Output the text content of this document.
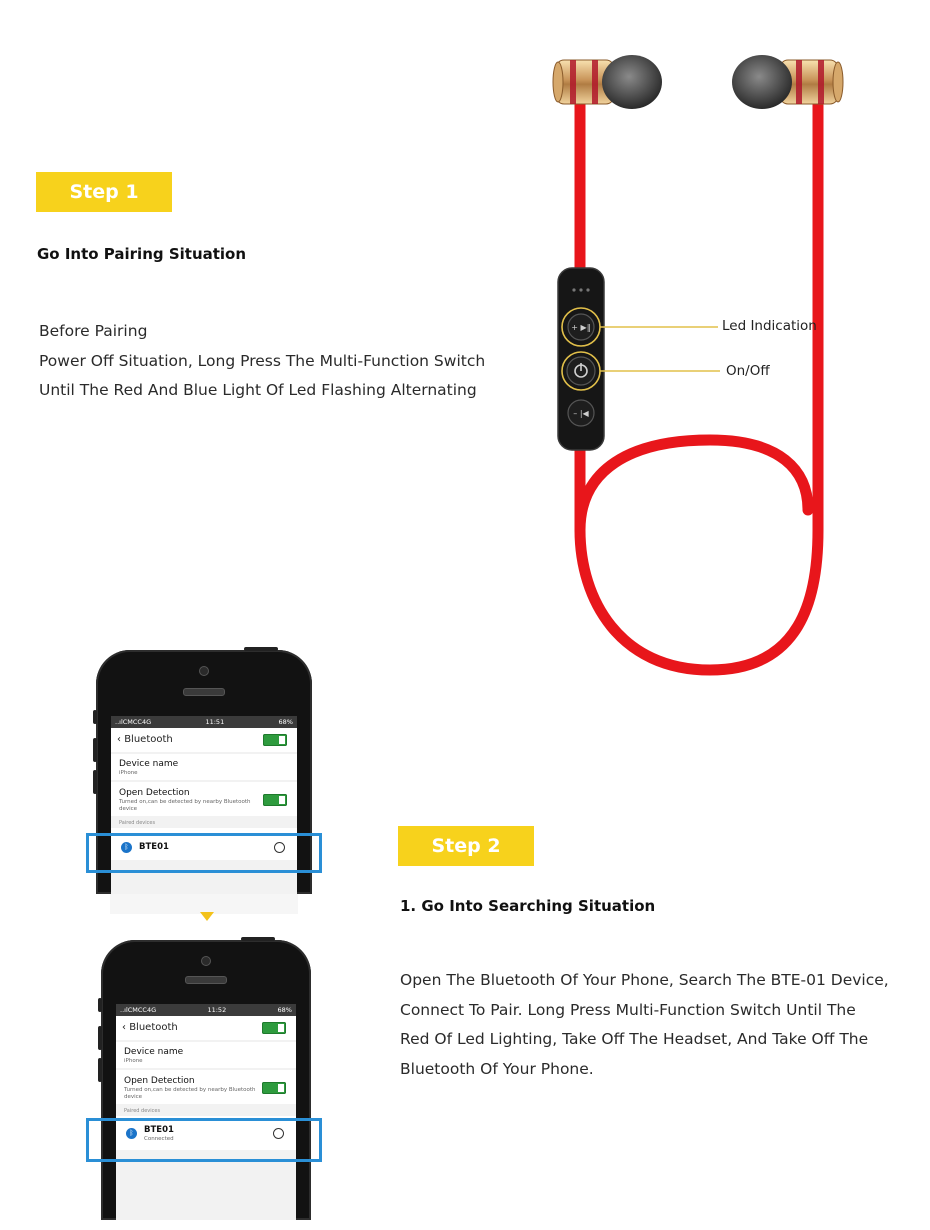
Step 1
Go Into Pairing Situation
Before Pairing
Power Off Situation, Long Press The Multi-Function Switch
Until The Red And Blue Light Of Led Flashing Alternating
+ ▶‖
– |◀
Led Indication
On/Off
..ılCMCC4G	11:51	68%
‹ Bluetooth
Device name
iPhone
Open Detection
Turned on,can be detected by nearby Bluetooth device
Paired devices
ᛒ	BTE01
..ılCMCC4G	11:52	68%
‹ Bluetooth
Device name
iPhone
Open Detection
Turned on,can be detected by nearby Bluetooth device
Paired devices
ᛒ	BTE01
Connected
Step 2
1. Go Into Searching Situation
Open The Bluetooth Of Your Phone, Search The BTE-01 Device,
Connect To Pair. Long Press Multi-Function Switch Until The
Red Of Led Lighting, Take Off The Headset, And Take Off The
Bluetooth Of Your Phone.
